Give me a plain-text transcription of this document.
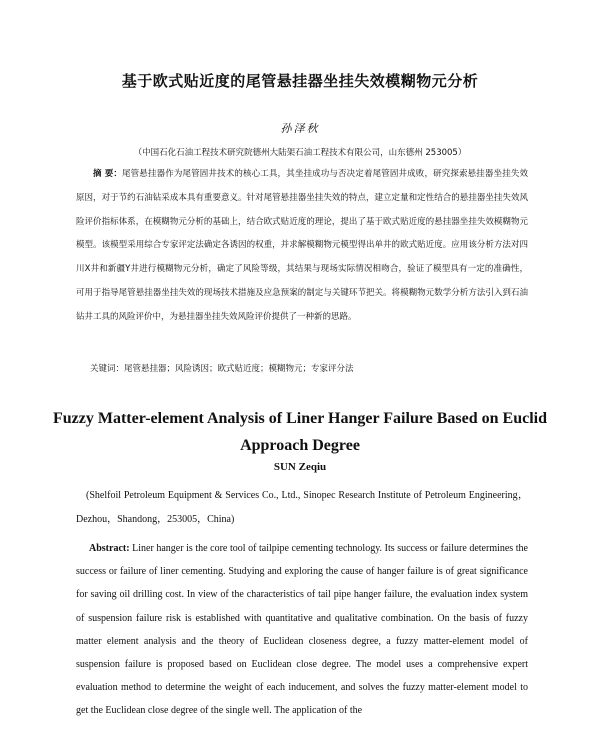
基于欧式贴近度的尾管悬挂器坐挂失效模糊物元分析
孙泽秋
（中国石化石油工程技术研究院德州大陆架石油工程技术有限公司，山东德州 253005）
摘 要：尾管悬挂器作为尾管固井技术的核心工具，其坐挂成功与否决定着尾管固井成败，研究探索悬挂器坐挂失效原因，对于节约石油钻采成本具有重要意义。针对尾管悬挂器坐挂失效的特点，建立定量和定性结合的悬挂器坐挂失效风险评价指标体系，在模糊物元分析的基础上，结合欧式贴近度的理论，提出了基于欧式贴近度的悬挂器坐挂失效模糊物元模型。该模型采用综合专家评定法确定各诱因的权重，并求解模糊物元模型得出单井的欧式贴近度。应用该分析方法对四川X井和新疆Y井进行模糊物元分析，确定了风险等级，其结果与现场实际情况相吻合，验证了模型具有一定的准确性，可用于指导尾管悬挂器坐挂失效的现场技术措施及应急预案的制定与关键环节把关。将模糊物元数学分析方法引入到石油钻井工具的风险评价中，为悬挂器坐挂失效风险评价提供了一种新的思路。
关键词：尾管悬挂器；风险诱因；欧式贴近度；模糊物元；专家评分法
Fuzzy Matter-element Analysis of Liner Hanger Failure Based on Euclid Approach Degree
SUN Zeqiu
(Shelfoil Petroleum Equipment & Services Co., Ltd., Sinopec Research Institute of Petroleum Engineering，Dezhou，Shandong，253005，China)
Abstract: Liner hanger is the core tool of tailpipe cementing technology. Its success or failure determines the success or failure of liner cementing. Studying and exploring the cause of hanger failure is of great significance for saving oil drilling cost. In view of the characteristics of tail pipe hanger failure, the evaluation index system of suspension failure risk is established with quantitative and qualitative combination. On the basis of fuzzy matter element analysis and the theory of Euclidean closeness degree, a fuzzy matter-element model of suspension failure is proposed based on Euclidean close degree. The model uses a comprehensive expert evaluation method to determine the weight of each inducement, and solves the fuzzy matter-element model to get the Euclidean close degree of the single well. The application of the
